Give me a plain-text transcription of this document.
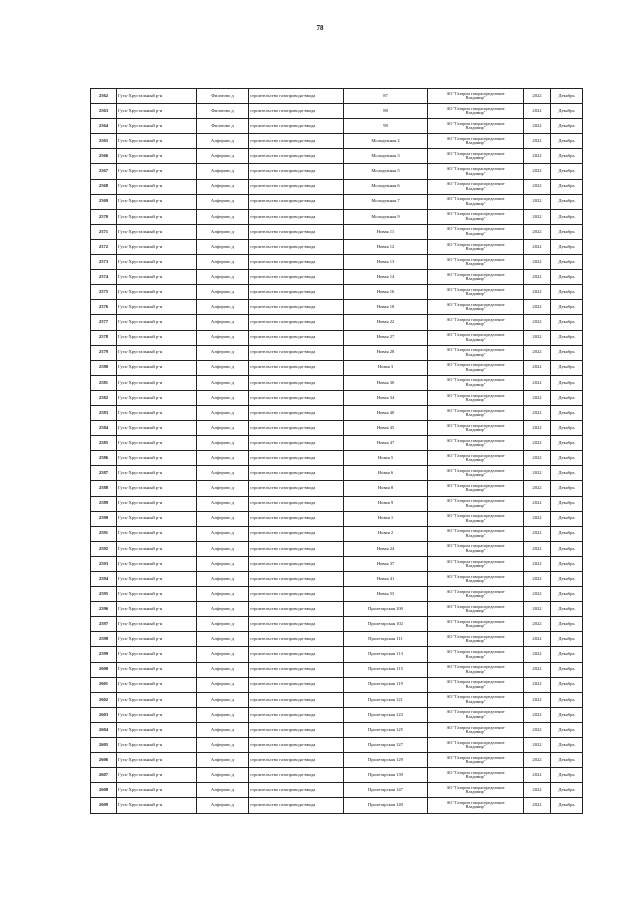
78
2562	Гусь-Хрустальный р-н	Филатово д	строительство газопровода-ввода	87	АО "Газпром газораспределение
Владимир"	2022	Декабрь
2563	Гусь-Хрустальный р-н	Филатово д	строительство газопровода-ввода	88	АО "Газпром газораспределение
Владимир"	2022	Декабрь
2564	Гусь-Хрустальный р-н	Филатово д	строительство газопровода-ввода	98	АО "Газпром газораспределение
Владимир"	2022	Декабрь
2565	Гусь-Хрустальный р-н	Алферово д	строительство газопровода-ввода	Молодежная 2	АО "Газпром газораспределение
Владимир"	2022	Декабрь
2566	Гусь-Хрустальный р-н	Алферово д	строительство газопровода-ввода	Молодежная 3	АО "Газпром газораспределение
Владимир"	2022	Декабрь
2567	Гусь-Хрустальный р-н	Алферово д	строительство газопровода-ввода	Молодежная 5	АО "Газпром газораспределение
Владимир"	2022	Декабрь
2568	Гусь-Хрустальный р-н	Алферово д	строительство газопровода-ввода	Молодежная 6	АО "Газпром газораспределение
Владимир"	2022	Декабрь
2569	Гусь-Хрустальный р-н	Алферово д	строительство газопровода-ввода	Молодежная 7	АО "Газпром газораспределение
Владимир"	2022	Декабрь
2570	Гусь-Хрустальный р-н	Алферово д	строительство газопровода-ввода	Молодежная 9	АО "Газпром газораспределение
Владимир"	2022	Декабрь
2571	Гусь-Хрустальный р-н	Алферово д	строительство газопровода-ввода	Новая 11	АО "Газпром газораспределение
Владимир"	2022	Декабрь
2572	Гусь-Хрустальный р-н	Алферово д	строительство газопровода-ввода	Новая 12	АО "Газпром газораспределение
Владимир"	2022	Декабрь
2573	Гусь-Хрустальный р-н	Алферово д	строительство газопровода-ввода	Новая 13	АО "Газпром газораспределение
Владимир"	2022	Декабрь
2574	Гусь-Хрустальный р-н	Алферово д	строительство газопровода-ввода	Новая 14	АО "Газпром газораспределение
Владимир"	2022	Декабрь
2575	Гусь-Хрустальный р-н	Алферово д	строительство газопровода-ввода	Новая 16	АО "Газпром газораспределение
Владимир"	2022	Декабрь
2576	Гусь-Хрустальный р-н	Алферово д	строительство газопровода-ввода	Новая 18	АО "Газпром газораспределение
Владимир"	2022	Декабрь
2577	Гусь-Хрустальный р-н	Алферово д	строительство газопровода-ввода	Новая 22	АО "Газпром газораспределение
Владимир"	2022	Декабрь
2578	Гусь-Хрустальный р-н	Алферово д	строительство газопровода-ввода	Новая 27	АО "Газпром газораспределение
Владимир"	2022	Декабрь
2579	Гусь-Хрустальный р-н	Алферово д	строительство газопровода-ввода	Новая 28	АО "Газпром газораспределение
Владимир"	2022	Декабрь
2580	Гусь-Хрустальный р-н	Алферово д	строительство газопровода-ввода	Новая 3	АО "Газпром газораспределение
Владимир"	2022	Декабрь
2581	Гусь-Хрустальный р-н	Алферово д	строительство газопровода-ввода	Новая 30	АО "Газпром газораспределение
Владимир"	2022	Декабрь
2582	Гусь-Хрустальный р-н	Алферово д	строительство газопровода-ввода	Новая 34	АО "Газпром газораспределение
Владимир"	2022	Декабрь
2583	Гусь-Хрустальный р-н	Алферово д	строительство газопровода-ввода	Новая 40	АО "Газпром газораспределение
Владимир"	2022	Декабрь
2584	Гусь-Хрустальный р-н	Алферово д	строительство газопровода-ввода	Новая 45	АО "Газпром газораспределение
Владимир"	2022	Декабрь
2585	Гусь-Хрустальный р-н	Алферово д	строительство газопровода-ввода	Новая 47	АО "Газпром газораспределение
Владимир"	2022	Декабрь
2586	Гусь-Хрустальный р-н	Алферово д	строительство газопровода-ввода	Новая 5	АО "Газпром газораспределение
Владимир"	2022	Декабрь
2587	Гусь-Хрустальный р-н	Алферово д	строительство газопровода-ввода	Новая 6	АО "Газпром газораспределение
Владимир"	2022	Декабрь
2588	Гусь-Хрустальный р-н	Алферово д	строительство газопровода-ввода	Новая 8	АО "Газпром газораспределение
Владимир"	2022	Декабрь
2589	Гусь-Хрустальный р-н	Алферово д	строительство газопровода-ввода	Новая 9	АО "Газпром газораспределение
Владимир"	2022	Декабрь
2590	Гусь-Хрустальный р-н	Алферово д	строительство газопровода-ввода	Новая 1	АО "Газпром газораспределение
Владимир"	2022	Декабрь
2591	Гусь-Хрустальный р-н	Алферово д	строительство газопровода-ввода	Новая 2	АО "Газпром газораспределение
Владимир"	2022	Декабрь
2592	Гусь-Хрустальный р-н	Алферово д	строительство газопровода-ввода	Новая 24	АО "Газпром газораспределение
Владимир"	2022	Декабрь
2593	Гусь-Хрустальный р-н	Алферово д	строительство газопровода-ввода	Новая 37	АО "Газпром газораспределение
Владимир"	2022	Декабрь
2594	Гусь-Хрустальный р-н	Алферово д	строительство газопровода-ввода	Новая 41	АО "Газпром газораспределение
Владимир"	2022	Декабрь
2595	Гусь-Хрустальный р-н	Алферово д	строительство газопровода-ввода	Новая 53	АО "Газпром газораспределение
Владимир"	2022	Декабрь
2596	Гусь-Хрустальный р-н	Алферово д	строительство газопровода-ввода	Пролетарская 100	АО "Газпром газораспределение
Владимир"	2022	Декабрь
2597	Гусь-Хрустальный р-н	Алферово д	строительство газопровода-ввода	Пролетарская 102	АО "Газпром газораспределение
Владимир"	2022	Декабрь
2598	Гусь-Хрустальный р-н	Алферово д	строительство газопровода-ввода	Пролетарская 111	АО "Газпром газораспределение
Владимир"	2022	Декабрь
2599	Гусь-Хрустальный р-н	Алферово д	строительство газопровода-ввода	Пролетарская 113	АО "Газпром газораспределение
Владимир"	2022	Декабрь
2600	Гусь-Хрустальный р-н	Алферово д	строительство газопровода-ввода	Пролетарская 115	АО "Газпром газораспределение
Владимир"	2022	Декабрь
2601	Гусь-Хрустальный р-н	Алферово д	строительство газопровода-ввода	Пролетарская 119	АО "Газпром газораспределение
Владимир"	2022	Декабрь
2602	Гусь-Хрустальный р-н	Алферово д	строительство газопровода-ввода	Пролетарская 121	АО "Газпром газораспределение
Владимир"	2022	Декабрь
2603	Гусь-Хрустальный р-н	Алферово д	строительство газопровода-ввода	Пролетарская 123	АО "Газпром газораспределение
Владимир"	2022	Декабрь
2604	Гусь-Хрустальный р-н	Алферово д	строительство газопровода-ввода	Пролетарская 125	АО "Газпром газораспределение
Владимир"	2022	Декабрь
2605	Гусь-Хрустальный р-н	Алферово д	строительство газопровода-ввода	Пролетарская 127	АО "Газпром газораспределение
Владимир"	2022	Декабрь
2606	Гусь-Хрустальный р-н	Алферово д	строительство газопровода-ввода	Пролетарская 129	АО "Газпром газораспределение
Владимир"	2022	Декабрь
2607	Гусь-Хрустальный р-н	Алферово д	строительство газопровода-ввода	Пролетарская 139	АО "Газпром газораспределение
Владимир"	2022	Декабрь
2608	Гусь-Хрустальный р-н	Алферово д	строительство газопровода-ввода	Пролетарская 147	АО "Газпром газораспределение
Владимир"	2022	Декабрь
2609	Гусь-Хрустальный р-н	Алферово д	строительство газопровода-ввода	Пролетарская 149	АО "Газпром газораспределение
Владимир"	2022	Декабрь
